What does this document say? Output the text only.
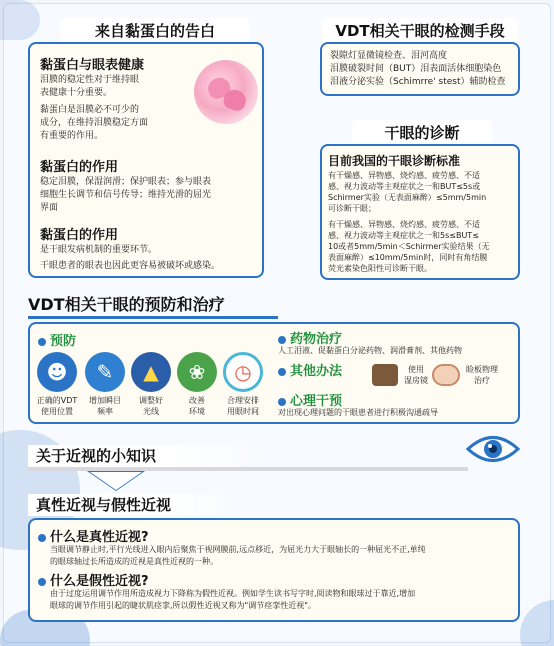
来自黏蛋白的告白
黏蛋白与眼表健康
泪膜的稳定性对于维持眼
表健康十分重要。
黏蛋白是泪膜必不可少的
成分，在维持泪膜稳定方面
有重要的作用。
黏蛋白的作用
稳定泪膜，保湿润滑；保护眼表；参与眼表
细胞生长调节和信号传导；维持光滑的屈光
界面
黏蛋白的作用
是干眼发病机制的重要环节。
干眼患者的眼表也因此更容易被破坏或感染。
VDT相关干眼的检测手段
裂隙灯显微镜检查、泪河高度
泪膜破裂时间（BUT）泪表面活体细胞染色
泪液分泌实验（Schimrre' stest）辅助检查
干眼的诊断
目前我国的干眼诊断标准
有干燥感、异物感、烧灼感、疲劳感、不适
感、视力波动等主观症状之一和BUT≤5s或
Schirmer实验（无表面麻醉）≤5mm/5min
可诊断干眼；
有干燥感、异物感、烧灼感、疲劳感、不适
感、视力波动等主观症状之一和5s≤BUT≤
10或者5mm/5min＜Schirmer实验结果（无
表面麻醉）≤10mm/5min时，同时有角结膜
荧光素染色阳性可诊断干眼。
VDT相关干眼的预防和治疗
预防
☻
正确的VDT
使用位置
✎
增加瞬目
频率
▲
调整好
光线
❀
改善
环境
◷
合理安排
用眼时间
药物治疗
人工泪液、促黏蛋白分泌药物、润滑膏剂、其他药物
其他办法	使用
湿房镜
睑板物理
治疗
心理干预
对出现心理问题的干眼患者进行积极沟通疏导
关于近视的小知识
真性近视与假性近视
什么是真性近视?
当眼调节静止时,平行光线进入眼内后聚焦于视网膜前,远点移近，为屈光力大于眼轴长的一种屈光不正,单纯
的眼球轴过长所造成的近视是真性近视的一种。
什么是假性近视?
由于过度运用调节作用所造成视力下降称为假性近视。例如学生读书写字时,阅读物和眼球过于靠近,增加
眼球的调节作用引起的睫状肌痉挛,所以假性近视又称为"调节痉挛性近视"。
